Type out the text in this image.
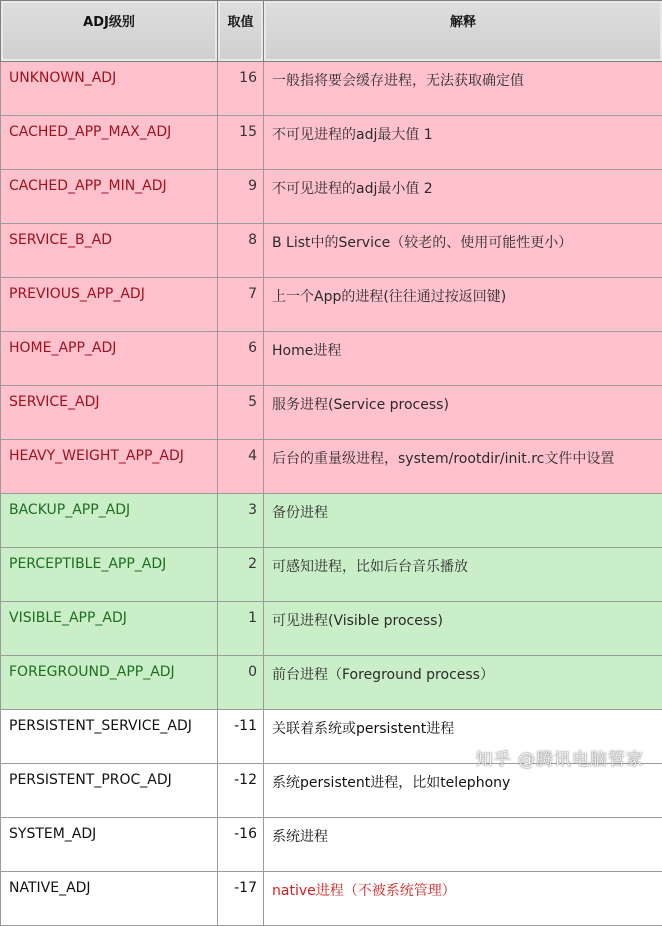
ADJ级别	取值	解释
UNKNOWN_ADJ	16	一般指将要会缓存进程，无法获取确定值
CACHED_APP_MAX_ADJ	15	不可见进程的adj最大值 1
CACHED_APP_MIN_ADJ	9	不可见进程的adj最小值 2
SERVICE_B_AD	8	B List中的Service（较老的、使用可能性更小）
PREVIOUS_APP_ADJ	7	上一个App的进程(往往通过按返回键)
HOME_APP_ADJ	6	Home进程
SERVICE_ADJ	5	服务进程(Service process)
HEAVY_WEIGHT_APP_ADJ	4	后台的重量级进程，system/rootdir/init.rc文件中设置
BACKUP_APP_ADJ	3	备份进程
PERCEPTIBLE_APP_ADJ	2	可感知进程，比如后台音乐播放
VISIBLE_APP_ADJ	1	可见进程(Visible process)
FOREGROUND_APP_ADJ	0	前台进程（Foreground process）
PERSISTENT_SERVICE_ADJ	-11	关联着系统或persistent进程
PERSISTENT_PROC_ADJ	-12	系统persistent进程，比如telephony
SYSTEM_ADJ	-16	系统进程
NATIVE_ADJ	-17	native进程（不被系统管理） 知乎 @腾讯电脑管家
